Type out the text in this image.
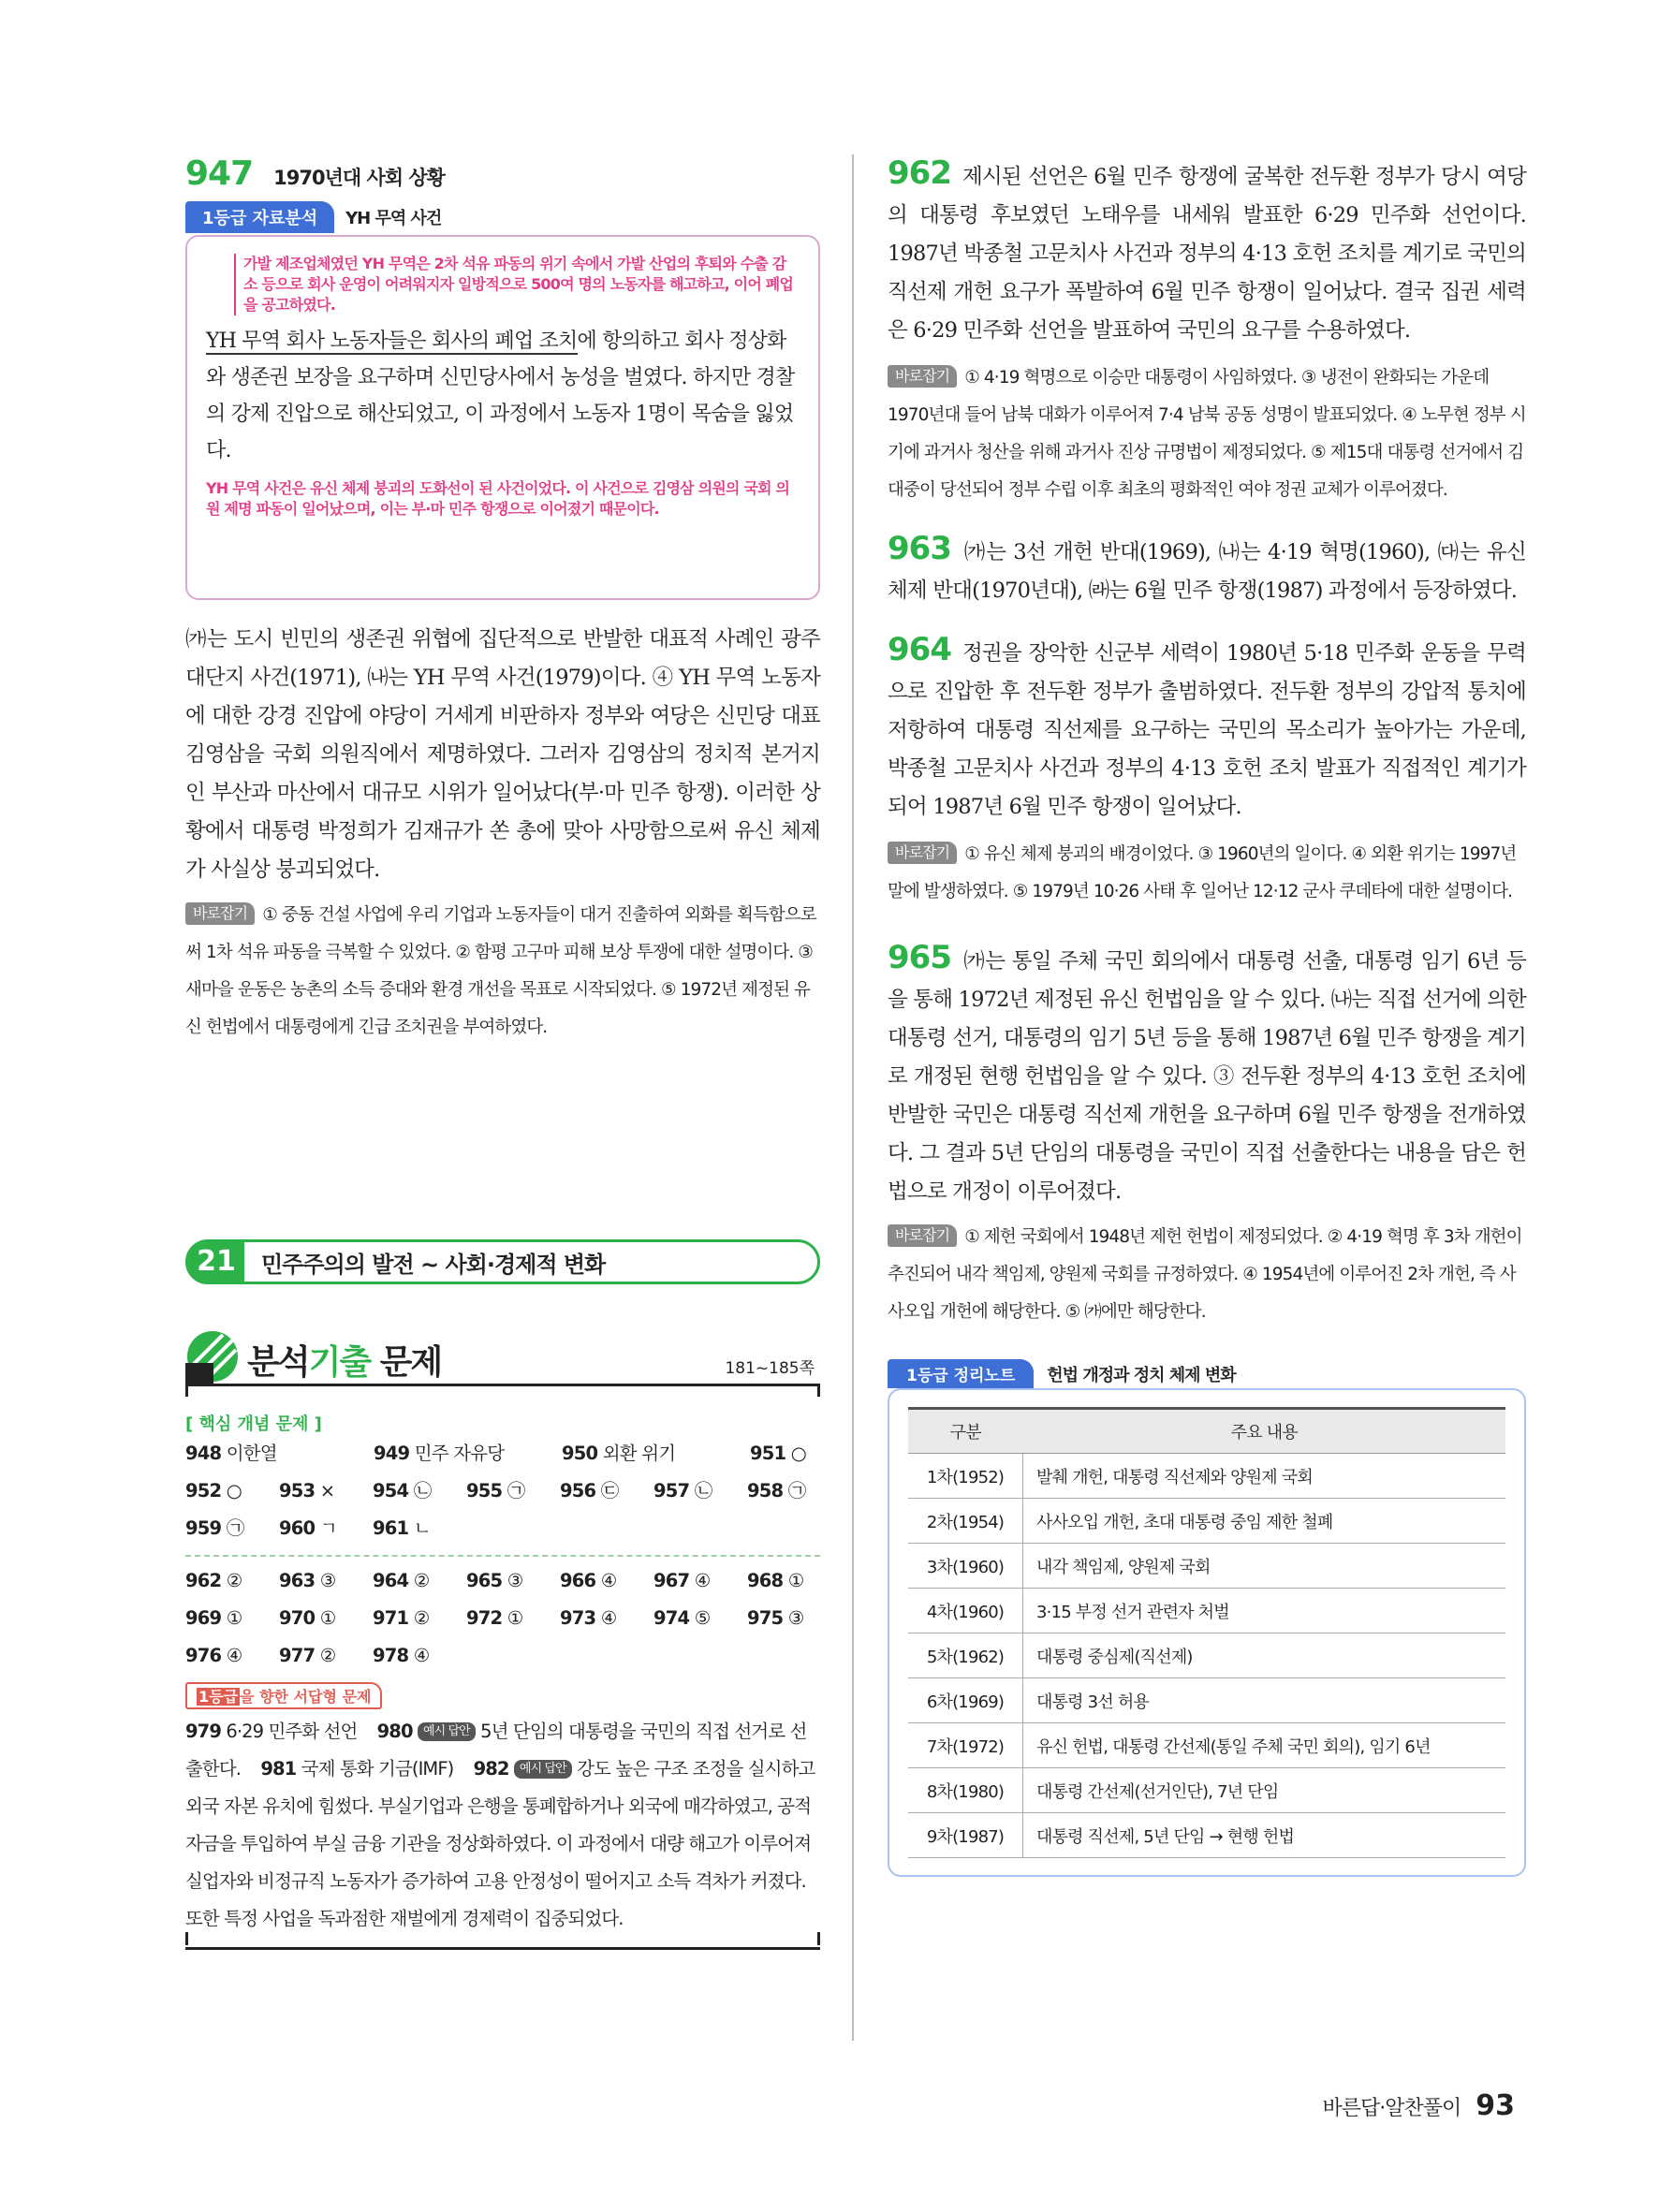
947 1970년대 사회 상황
1등급 자료분석	YH 무역 사건
가발 제조업체였던 YH 무역은 2차 석유 파동의 위기 속에서 가발 산업의 후퇴와 수출 감소 등으로 회사 운영이 어려워지자 일방적으로 500여 명의 노동자를 해고하고, 이어 폐업을 공고하였다.
YH 무역 회사 노동자들은 회사의 폐업 조치에 항의하고 회사 정상화와 생존권 보장을 요구하며 신민당사에서 농성을 벌였다. 하지만 경찰의 강제 진압으로 해산되었고, 이 과정에서 노동자 1명이 목숨을 잃었다.
YH 무역 사건은 유신 체제 붕괴의 도화선이 된 사건이었다. 이 사건으로 김영삼 의원의 국회 의원 제명 파동이 일어났으며, 이는 부·마 민주 항쟁으로 이어졌기 때문이다.
㈎는 도시 빈민의 생존권 위협에 집단적으로 반발한 대표적 사례인 광주 대단지 사건(1971), ㈏는 YH 무역 사건(1979)이다. ④ YH 무역 노동자에 대한 강경 진압에 야당이 거세게 비판하자 정부와 여당은 신민당 대표 김영삼을 국회 의원직에서 제명하였다. 그러자 김영삼의 정치적 본거지인 부산과 마산에서 대규모 시위가 일어났다(부·마 민주 항쟁). 이러한 상황에서 대통령 박정희가 김재규가 쏜 총에 맞아 사망함으로써 유신 체제가 사실상 붕괴되었다.
바로잡기 ① 중동 건설 사업에 우리 기업과 노동자들이 대거 진출하여 외화를 획득함으로써 1차 석유 파동을 극복할 수 있었다. ② 함평 고구마 피해 보상 투쟁에 대한 설명이다. ③ 새마을 운동은 농촌의 소득 증대와 환경 개선을 목표로 시작되었다. ⑤ 1972년 제정된 유신 헌법에서 대통령에게 긴급 조치권을 부여하였다.
21	민주주의의 발전 ~ 사회·경제적 변화
분석기출 문제	181~185쪽
[ 핵심 개념 문제 ]
948 이한열	949 민주 자유당	950 외환 위기	951 ○
952 ○	953 ×	954 ㉡	955 ㉠	956 ㉢	957 ㉡	958 ㉠
959 ㉠	960 ㄱ	961 ㄴ
962 ②	963 ③	964 ②	965 ③	966 ④	967 ④	968 ①
969 ①	970 ①	971 ②	972 ①	973 ④	974 ⑤	975 ③
976 ④	977 ②	978 ④
1등급 을 향한 서답형 문제
979 6·29 민주화 선언 980 예시 답안 5년 단임의 대통령을 국민의 직접 선거로 선출한다. 981 국제 통화 기금(IMF) 982 예시 답안 강도 높은 구조 조정을 실시하고 외국 자본 유치에 힘썼다. 부실기업과 은행을 통폐합하거나 외국에 매각하였고, 공적 자금을 투입하여 부실 금융 기관을 정상화하였다. 이 과정에서 대량 해고가 이루어져 실업자와 비정규직 노동자가 증가하여 고용 안정성이 떨어지고 소득 격차가 커졌다. 또한 특정 사업을 독과점한 재벌에게 경제력이 집중되었다.
962 제시된 선언은 6월 민주 항쟁에 굴복한 전두환 정부가 당시 여당의 대통령 후보였던 노태우를 내세워 발표한 6·29 민주화 선언이다. 1987년 박종철 고문치사 사건과 정부의 4·13 호헌 조치를 계기로 국민의 직선제 개헌 요구가 폭발하여 6월 민주 항쟁이 일어났다. 결국 집권 세력은 6·29 민주화 선언을 발표하여 국민의 요구를 수용하였다.
바로잡기 ① 4·19 혁명으로 이승만 대통령이 사임하였다. ③ 냉전이 완화되는 가운데 1970년대 들어 남북 대화가 이루어져 7·4 남북 공동 성명이 발표되었다. ④ 노무현 정부 시기에 과거사 청산을 위해 과거사 진상 규명법이 제정되었다. ⑤ 제15대 대통령 선거에서 김대중이 당선되어 정부 수립 이후 최초의 평화적인 여야 정권 교체가 이루어졌다.
963 ㈎는 3선 개헌 반대(1969), ㈏는 4·19 혁명(1960), ㈐는 유신 체제 반대(1970년대), ㈑는 6월 민주 항쟁(1987) 과정에서 등장하였다.
964 정권을 장악한 신군부 세력이 1980년 5·18 민주화 운동을 무력으로 진압한 후 전두환 정부가 출범하였다. 전두환 정부의 강압적 통치에 저항하여 대통령 직선제를 요구하는 국민의 목소리가 높아가는 가운데, 박종철 고문치사 사건과 정부의 4·13 호헌 조치 발표가 직접적인 계기가 되어 1987년 6월 민주 항쟁이 일어났다.
바로잡기 ① 유신 체제 붕괴의 배경이었다. ③ 1960년의 일이다. ④ 외환 위기는 1997년 말에 발생하였다. ⑤ 1979년 10·26 사태 후 일어난 12·12 군사 쿠데타에 대한 설명이다.
965 ㈎는 통일 주체 국민 회의에서 대통령 선출, 대통령 임기 6년 등을 통해 1972년 제정된 유신 헌법임을 알 수 있다. ㈏는 직접 선거에 의한 대통령 선거, 대통령의 임기 5년 등을 통해 1987년 6월 민주 항쟁을 계기로 개정된 현행 헌법임을 알 수 있다. ③ 전두환 정부의 4·13 호헌 조치에 반발한 국민은 대통령 직선제 개헌을 요구하며 6월 민주 항쟁을 전개하였다. 그 결과 5년 단임의 대통령을 국민이 직접 선출한다는 내용을 담은 헌법으로 개정이 이루어졌다.
바로잡기 ① 제헌 국회에서 1948년 제헌 헌법이 제정되었다. ② 4·19 혁명 후 3차 개헌이 추진되어 내각 책임제, 양원제 국회를 규정하였다. ④ 1954년에 이루어진 2차 개헌, 즉 사사오입 개헌에 해당한다. ⑤ ㈎에만 해당한다.
1등급 정리노트	헌법 개정과 정치 체제 변화
구분	주요 내용
1차(1952)	발췌 개헌, 대통령 직선제와 양원제 국회
2차(1954)	사사오입 개헌, 초대 대통령 중임 제한 철폐
3차(1960)	내각 책임제, 양원제 국회
4차(1960)	3·15 부정 선거 관련자 처벌
5차(1962)	대통령 중심제(직선제)
6차(1969)	대통령 3선 허용
7차(1972)	유신 헌법, 대통령 간선제(통일 주체 국민 회의), 임기 6년
8차(1980)	대통령 간선제(선거인단), 7년 단임
9차(1987)	대통령 직선제, 5년 단임 → 현행 헌법
바른답·알찬풀이 93
